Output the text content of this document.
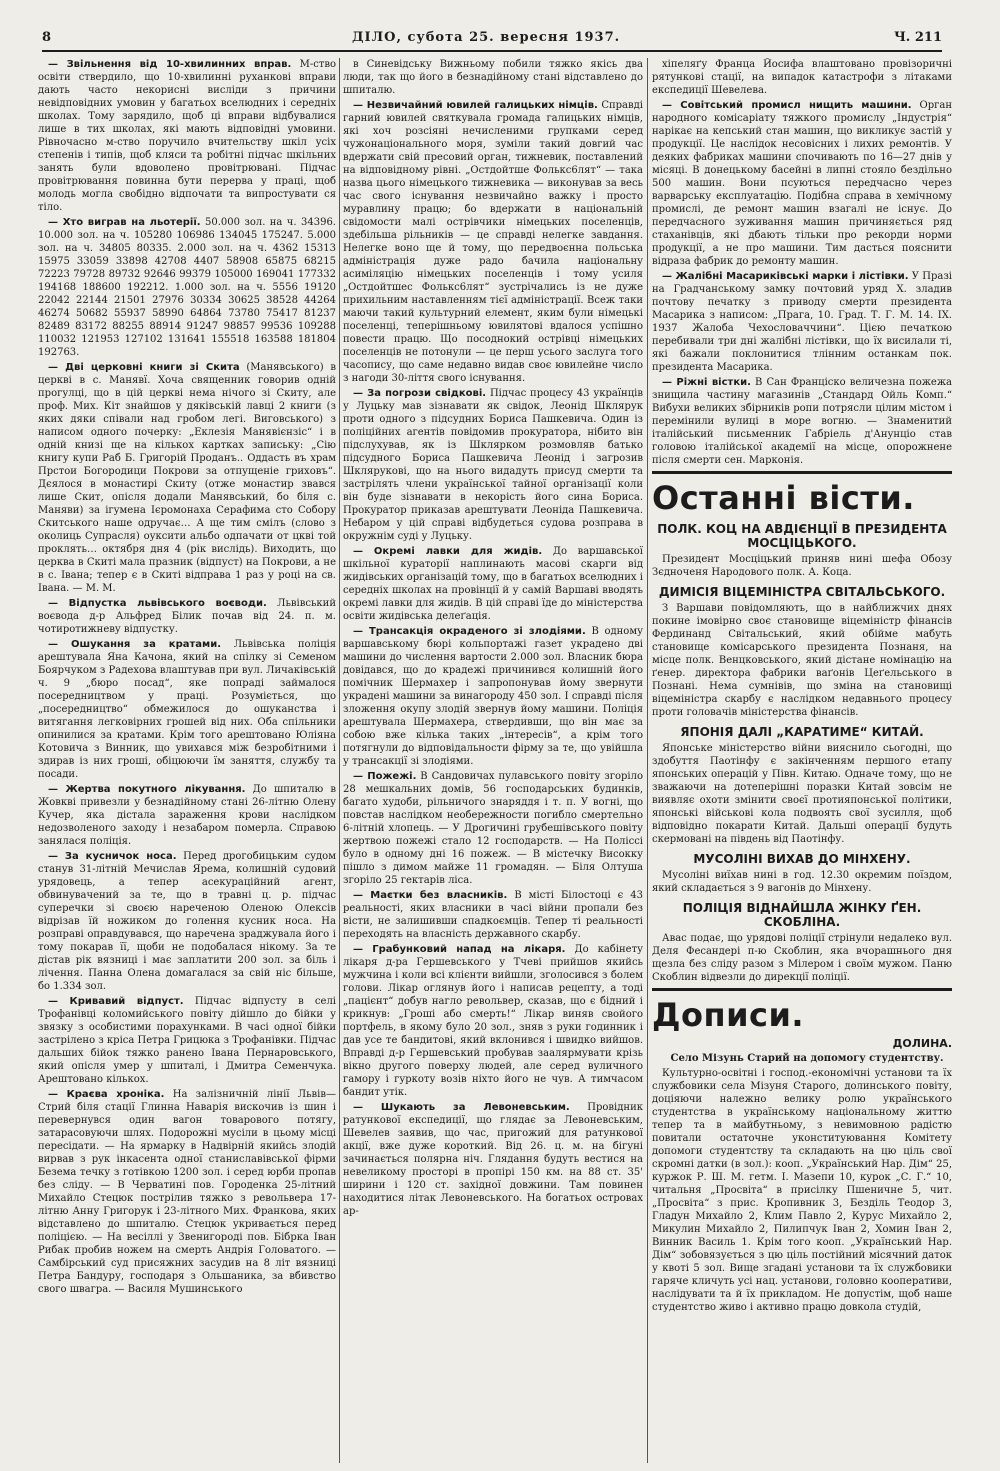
8	ДІЛО, субота 25. вересня 1937.	Ч. 211

— Звільнення від 10-хвилинних вправ. М-ство освіти ствердило, що 10-хвилинні руханкові вправи дають часто некорисні висліди з причини невідповідних умовин у багатьох вселюдних і середніх школах. Тому зарядило, щоб ці вправи відбувалися лише в тих школах, які мають відповідні умовини. Рівночасно м-ство поручило вчительству шкіл усіх степенів і типів, щоб кляси та робітні підчас шкільних занять були вдоволено провітрювані. Підчас провітрювання повинна бути перерва у праці, щоб молодь могла свобідно відпочати та випростувати ся тіло.

— Хто виграв на льотерії. 50.000 зол. на ч. 34396. 10.000 зол. на ч. 105280 106986 134045 175247. 5.000 зол. на ч. 34805 80335. 2.000 зол. на ч. 4362 15313 15975 33059 33898 42708 4407 58908 65875 68215 72223 79728 89732 92646 99379 105000 169041 177332 194168 188600 192212. 1.000 зол. на ч. 5556 19120 22042 22144 21501 27976 30334 30625 38528 44264 46274 50682 55937 58990 64864 73780 75417 81237 82489 83172 88255 88914 91247 98857 99536 109288 110032 121953 127102 131641 155518 163588 181804 192763.

— Дві церковні книги зі Скита (Манявського) в церкві в с. Манявї. Хоча священник говорив одній прогулці, що в цій церкві нема нічого зі Скиту, але проф. Мих. Кіт знайшов у дяківській лавці 2 книги (з яких дяки співали над гробом легі. Виговського) з написом одного почерку: „Еклезія Манявієнзіс“ і в одній книзі ще на кількох картках запиську: „Сію книгу купи Раб Б. Григорій Проданъ.. Оддасть въ храм Прстои Богородици Покрови за отпущеніе гриховъ“. Дєялося в монастирі Скиту (отже монастир звався лише Скит, опісля додали Манявський, бо біля с. Маняви) за ігумена Ієромонаха Серафима сто Собору Скитського наше одручає… А ще тим смілъ (слово з околиць Супрасля) оуксити альбо одпачати от цкві той проклять… октября дня 4 (рік вислідь). Виходить, що церква в Скиті мала празник (відпуст) на Покрови, а не в с. Івана; тепер є в Скиті відправа 1 раз у році на св. Івана. — М. М.

— Відпустка львівського воєводи. Львівський воєвода д-р Альфред Білик почав від 24. п. м. чотиротижневу відпустку.

— Ошукання за кратами. Львівська поліція арештувала Яна Качона, який на спілку зі Семеном Боярчуком з Радехова влаштував при вул. Личаківській ч. 9 „бюро посад“, яке попраді займалося посередництвом у праці. Розуміється, що „посередництво“ обмежилося до ошуканства і витягання легковірних грошей від них. Оба спільники опинилися за кратами. Крім того арештовано Юліяна Котовича з Винник, що увихався між безробітними і здирав із них гроші, обіцюючи їм заняття, службу та посади.

— Жертва покутного лікування. До шпиталю в Жовкві привезли у безнадійному стані 26-літню Олену Кучер, яка дістала зараження крови наслідком недозволеного заходу і незабаром померла. Справою занялася поліція.

— За кусничок носа. Перед дрогобицьким судом станув 31-літній Мечислав Ярема, колишній судовий урядовець, а тепер асекураційний агент, обвинувачений за те, що в травні ц. р. підчас суперечки зі своєю нареченою Оленою Олексів відрізав їй ножиком до голення кусник носа. На розправі оправдувався, що наречена зраджувала його і тому покарав її, щоби не подобалася нікому. За те дістав рік вязниці і має заплатити 200 зол. за біль і лічення. Панна Олена домагалася за свій ніс більше, бо 1.334 зол.

— Кривавий відпуст. Підчас відпусту в селі Трофанівці коломийського повіту дійшло до бійки у звязку з особистими порахунками. В часі одної бійки застрілено з кріса Петра Грицюка з Трофанівки. Підчас дальших бійок тяжко ранено Івана Пернаровського, який опісля умер у шпиталі, і Дмитра Семенчука. Арештовано кількох.

— Краєва хроніка. На залізничній лінії Львів—Стрий біля стації Глинна Наварія вискочив із шин і перевернувся один вагон товарового потягу, затарасовуючи шлях. Подорожні мусіли в цьому місці пересідати. — На ярмарку в Надвірній якийсь злодій вирвав з рук інкасента одної станиславівської фірми Безема течку з готівкою 1200 зол. і серед юрби пропав без сліду. — В Черватині пов. Городенка 25-літний Михайло Стецюк пострілив тяжко з револьвера 17-літню Анну Григорук і 23-літного Мих. Франкова, яких відставлено до шпиталю. Стецюк укривається перед поліцією. — На весіллі у Звенигороді пов. Бібрка Іван Рибак пробив ножем на смерть Андрія Головатого. — Самбірський суд присяжних засудив на 8 літ вязниці Петра Бандуру, господаря з Ольшаника, за вбивство свого швагра. — Василя Мушинського

в Синевідську Вижньому побили тяжко якісь два люди, так що його в безнадійному стані відставлено до шпиталю.

— Незвичайний ювилей галицьких німців. Справді гарний ювилей святкувала громада галицьких німців, які хоч розсіяні нечисленими групками серед чужонаціонального моря, зуміли такий довгий час вдержати свій пресовий орган, тижневик, поставлений на відповідному рівні. „Остдойтше Фолькс6лят“ — така назва цього німецького тижневика — виконував за весь час свого існування незвичайно важку і просто муравлину працю; бо вдержати в національній свідомости малі острівчики німецьких поселенців, здебільша рільників — це справді нелегке завдання. Нелегке воно ще й тому, що передвоєнна польська адміністрація дуже радо бачила національну асиміляцію німецьких поселенців і тому усиля „Остдойтшес Фолькс6лят“ зустрічались із не дуже прихильним наставленням тієї адміністрації. Всеж таки маючи такий культурний елемент, яким були німецькі поселенці, теперішньому ювилятові вдалося успішно повести працю. Що посоднокий острівці німецьких поселенців не потонули — це перш усього заслуга того часопису, що саме недавно видав своє ювилейне число з нагоди 30-ліття свого існування.

— За погрози свідкові. Підчас процесу 43 українців у Луцьку мав зізнавати як свідок, Леонід Шклярук проти одного з підсудних Бориса Пашкевича. Один із поліційних агентів повідомив прокуратора, нібито він підслухував, як із Шклярком розмовляв батько підсудного Бориса Пашкевича Леонід і загрозив Шклярукові, що на нього видадуть присуд смерти та застрілять члени української тайної організації коли він буде зізнавати в некорість його сина Бориса. Прокуратор приказав арештувати Леоніда Пашкевича. Небаром у цій справі відбудеться судова розправа в окружнім суді у Луцьку.

— Окремі лавки для жидів. До варшавської шкільної кураторії наплинають масові скарги від жидівських організацій тому, що в багатьох вселюдних і середніх школах на провінції й у самій Варшаві вводять окремі лавки для жидів. В цій справі їде до міністерства освіти жидівська делеґація.

— Трансакція окраденого зі злодіями. В одному варшавському бюрі кольпортажі газет украдено дві машини до числення вартости 2.000 зол. Власник бюра довідався, що до крадежі причинився колишній його помічник Шермахер і запропонував йому звернути украдені машини за винагороду 450 зол. І справді після зложення окупу злодій звернув йому машини. Поліція арештувала Шермахера, ствердивши, що він має за собою вже кілька таких „інтересів“, а крім того потягнули до відповідальности фірму за те, що увійшла у трансакції зі злодіями.

— Пожежі. В Сандовичах пулавського повіту згоріло 28 мешкальних домів, 56 господарських будинків, багато худоби, рільничого знаряддя і т. п. У вогні, що повстав наслідком необережности погибло смертельно 6-літній хлопець. — У Дрогичині грубешівського повіту жертвою пожежі стало 12 господарств. — На Поліссі було в одному дні 16 пожеж. — В містечку Високку пішло з димом майже 11 громадян. — Біля Олтуша згоріло 25 гектарів ліса.

— Маєтки без власників. В місті Білостоці є 43 реальності, яких власники в часі війни пропали без вісти, не залишивши спадкоємців. Тепер ті реальності переходять на власність державного скарбу.

— Грабунковий напад на лікаря. До кабінету лікаря д-ра Гершевського у Тчеві прийшов якийсь мужчина і коли всі клієнти вийшли, зголосився з болем голови. Лікар оглянув його і написав рецепту, а тоді „пацієнт“ добув нагло револьвер, сказав, що є бідний і крикнув: „Гроші або смерть!“ Лікар виняв свойого портфель, в якому було 20 зол., зняв з руки годинник і дав усе те бандитові, який вклонився і швидко вийшов. Вправді д-р Гершевський пробував заалярмувати крізь вікно другого поверху людей, але серед вуличного гамору і гуркоту возів ніхто його не чув. А тимчасом бандит утік.

— Шукають за Левоневським. Провідник ратункової експедиції, що глядає за Левоневським, Шевелев заявив, що час, пригожий для ратункової акції, вже дуже короткий. Від 26. ц. м. на бігуні зачинається полярна ніч. Глядання будуть вестися на невеликому просторі в пропірі 150 км. на 88 ст. 35' ширини і 120 ст. західної довжини. Там повинен находитися літак Левоневського. На богатьох островах ар-

хіпеляґу Франца Йосифа влаштовано провізоричні рятункові стації, на випадок катастрофи з літаками експедиції Шевелева.

— Совітський промисл нищить машини. Орган народного комісаріату тяжкого промислу „Індустрія“ нарікає на кепський стан машин, що викликує застій у продукції. Це наслідок несовісних і лихих ремонтів. У деяких фабриках машини спочивають по 16—27 днів у місяці. В донецькому басейні в липні стояло бездільно 500 машин. Вони псуються передчасно через варварську експлуатацію. Подібна справа в хемічному промислі, де ремонт машин взагалі не існує. До передчасного зуживання машин причиняється ряд стаханівців, які дбають тільки про рекорди норми продукції, а не про машини. Тим дасться пояснити відраза фабрик до ремонту машин.

— Жалібні Масариківські марки і лістівки. У Празі на Градчанському замку почтовий уряд Х. зладив почтову печатку з приводу смерти президента Масарика з написом: „Прага, 10. Град. Т. Г. М. 14. IX. 1937 Жалоба Чехословаччини“. Цією печаткою перебивали три дні жалібні лістівки, що їх висилали ті, які бажали поклонитися тлінним останкам пок. президента Масарика.

— Ріжні вістки. В Сан Франціско величезна пожежа знищила частину магазинів „Стандард Ойль Комп.“ Вибухи великих збірників ропи потрясли цілим містом і перемінили вулиці в море вогню. — Знаменитий італійський письменник Габріель д'Анунціо став головою італійської академії на місце, опорожнене після смерти сен. Марконія.

Останні вісти.
ПОЛК. КОЦ НА АВДІЄНЦІЇ В ПРЕЗИДЕНТА МОСЦІЦЬКОГО.

Президент Мосціцький приняв нині шефа Обозу Зєдноченя Народового полк. А. Коца.

ДИМІСІЯ ВІЦЕМІНІСТРА СВІТАЛЬСЬКОГО.

З Варшави повідомляють, що в найближчих днях покине імовірно своє становище віцеміністр фінансів Фердинанд Світальський, який обійме мабуть становище комісарського президента Познаня, на місце полк. Венцковського, який дістане номінацію на ґенер. директора фабрики ваґонів Цеґельського в Познані. Нема сумнівів, що зміна на становищі віцеміністра скарбу є наслідком недавнього процесу проти головачів міністерства фінансів.

ЯПОНІЯ ДАЛІ „КАРАТИМЕ“ КИТАЙ.

Японське міністерство війни вияснило сьогодні, що здобуття Паотінфу є закінченням першого етапу японських операцій у Півн. Китаю. Одначе тому, що не зважаючи на дотеперішні поразки Китай зовсім не виявляє охоти змінити своєї протияпонської політики, японські військові кола подвоять свої зусилля, щоб відповідно покарати Китай. Дальші операції будуть скермовані на південь від Паотінфу.

МУСОЛІНІ ВИХАВ ДО МІНХЕНУ.

Мусоліні виїхав нині в год. 12.30 окремим поїздом, який складається з 9 вагонів до Мінхену.

ПОЛІЦІЯ ВІДНАЙШЛА ЖІНКУ ҐЕН. СКОБЛІНА.

Авас подає, що урядові поліції стрінули недалеко вул. Деля Фесандері п-ю Скоблин, яка вчорашнього дня щезла без сліду разом з Мілером і своїм мужом. Паню Скоблин відвезли до дирекції поліції.

Дописи.

ДОЛИНА.

Село Мізунь Старий на допомогу студентству.

Культурно-освітні і господ.-економічні установи та їх службовики села Мізуня Старого, долинського повіту, доціяючи належно велику ролю українського студентства в українському національному життю тепер та в майбутньому, з невимовною радістю повитали остаточне уконституювання Комітету допомоги студентству та складають на цю ціль свої скромні датки (в зол.): кооп. „Український Нар. Дім“ 25, куржок Р. Ш. М. гетм. І. Мазепи 10, курок „С. Г.“ 10, читальня „Просвіта“ в присілку Пшеничне 5, чит. „Просвіта“ з прис. Кропивник 3, Безділь Теодор 3, Гладун Михайло 2, Клим Павло 2, Курус Михайло 2, Микулин Михайло 2, Пилипчук Іван 2, Хомин Іван 2, Винник Василь 1. Крім того кооп. „Український Нар. Дім“ зобовязується з цю ціль постійний місячний даток у квоті 5 зол. Вище згадані установи та їх службовики гаряче кличуть усі нац. установи, головно кооперативи, наслідувати та й їх прикладом. Не допустім, щоб наше студентство живо і активно працю довкола студій,
